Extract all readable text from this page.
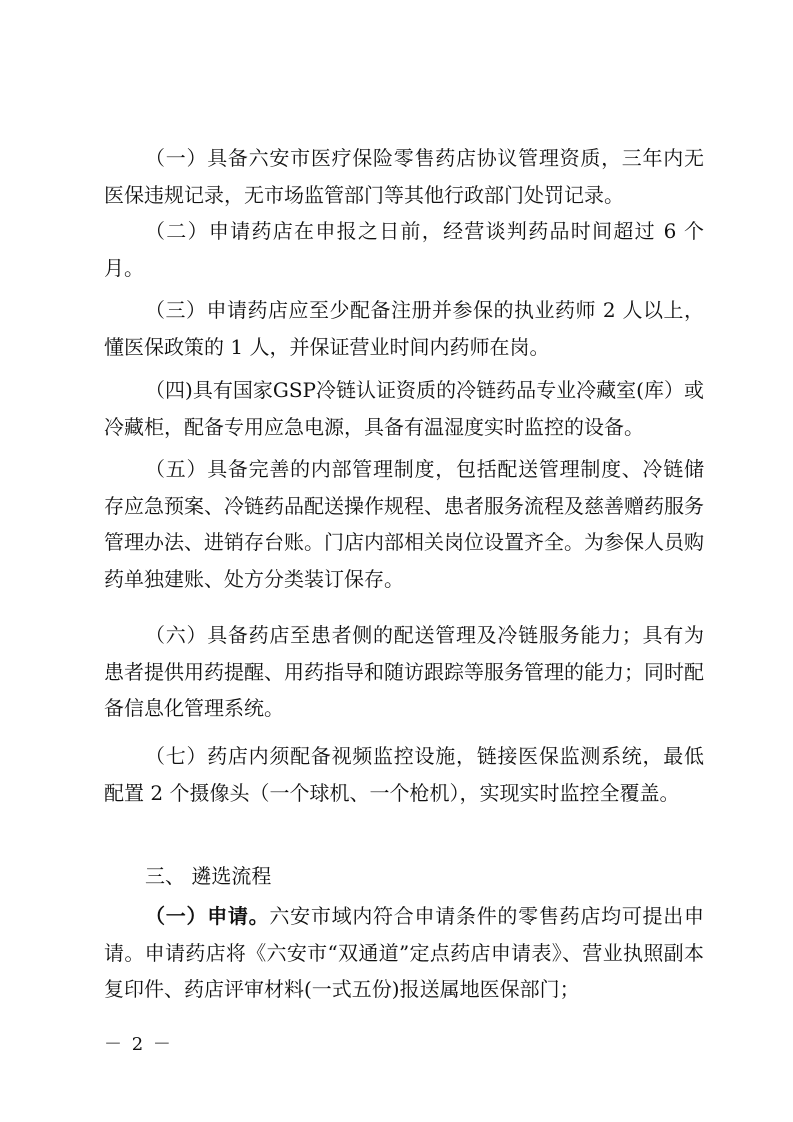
（一）具备六安市医疗保险零售药店协议管理资质，三年内无医保违规记录，无市场监管部门等其他行政部门处罚记录。

（二）申请药店在申报之日前，经营谈判药品时间超过 6 个月。

（三）申请药店应至少配备注册并参保的执业药师 2 人以上，懂医保政策的 1 人，并保证营业时间内药师在岗。

（四)具有国家GSP冷链认证资质的冷链药品专业冷藏室(库）或冷藏柜，配备专用应急电源，具备有温湿度实时监控的设备。

（五）具备完善的内部管理制度，包括配送管理制度、冷链储存应急预案、冷链药品配送操作规程、患者服务流程及慈善赠药服务管理办法、进销存台账。门店内部相关岗位设置齐全。为参保人员购药单独建账、处方分类装订保存。

（六）具备药店至患者侧的配送管理及冷链服务能力；具有为患者提供用药提醒、用药指导和随访跟踪等服务管理的能力；同时配备信息化管理系统。

（七）药店内须配备视频监控设施，链接医保监测系统，最低配置 2 个摄像头（一个球机、一个枪机），实现实时监控全覆盖。

三、 遴选流程

（一）申请。六安市域内符合申请条件的零售药店均可提出申请。申请药店将《六安市“双通道”定点药店申请表》、营业执照副本复印件、药店评审材料(一式五份)报送属地医保部门；

－ 2 －
